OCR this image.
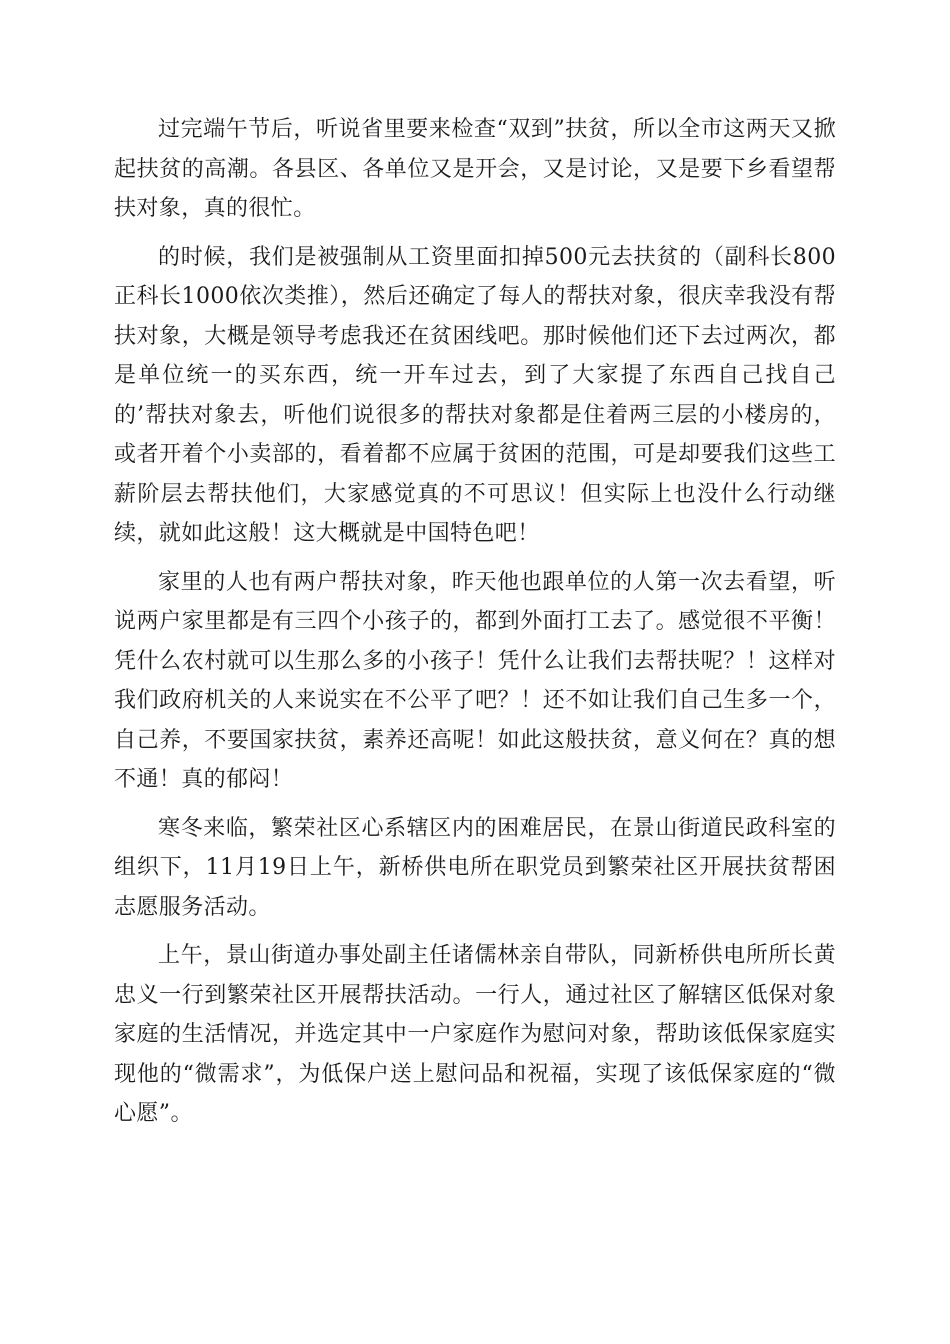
过完端午节后，听说省里要来检查“双到”扶贫，所以全市这两天又掀起扶贫的高潮。各县区、各单位又是开会，又是讨论，又是要下乡看望帮扶对象，真的很忙。

的时候，我们是被强制从工资里面扣掉500元去扶贫的（副科长800正科长1000依次类推），然后还确定了每人的帮扶对象，很庆幸我没有帮扶对象，大概是领导考虑我还在贫困线吧。那时候他们还下去过两次，都是单位统一的买东西，统一开车过去，到了大家提了东西自己找自己的’帮扶对象去，听他们说很多的帮扶对象都是住着两三层的小楼房的，或者开着个小卖部的，看着都不应属于贫困的范围，可是却要我们这些工薪阶层去帮扶他们，大家感觉真的不可思议！但实际上也没什么行动继续，就如此这般！这大概就是中国特色吧！

家里的人也有两户帮扶对象，昨天他也跟单位的人第一次去看望，听说两户家里都是有三四个小孩子的，都到外面打工去了。感觉很不平衡！凭什么农村就可以生那么多的小孩子！凭什么让我们去帮扶呢？！这样对我们政府机关的人来说实在不公平了吧？！还不如让我们自己生多一个，自己养，不要国家扶贫，素养还高呢！如此这般扶贫，意义何在？真的想不通！真的郁闷！

寒冬来临，繁荣社区心系辖区内的困难居民，在景山街道民政科室的组织下，11月19日上午，新桥供电所在职党员到繁荣社区开展扶贫帮困志愿服务活动。

上午，景山街道办事处副主任诸儒林亲自带队，同新桥供电所所长黄忠义一行到繁荣社区开展帮扶活动。一行人，通过社区了解辖区低保对象家庭的生活情况，并选定其中一户家庭作为慰问对象，帮助该低保家庭实现他的“微需求”，为低保户送上慰问品和祝福，实现了该低保家庭的“微心愿”。
